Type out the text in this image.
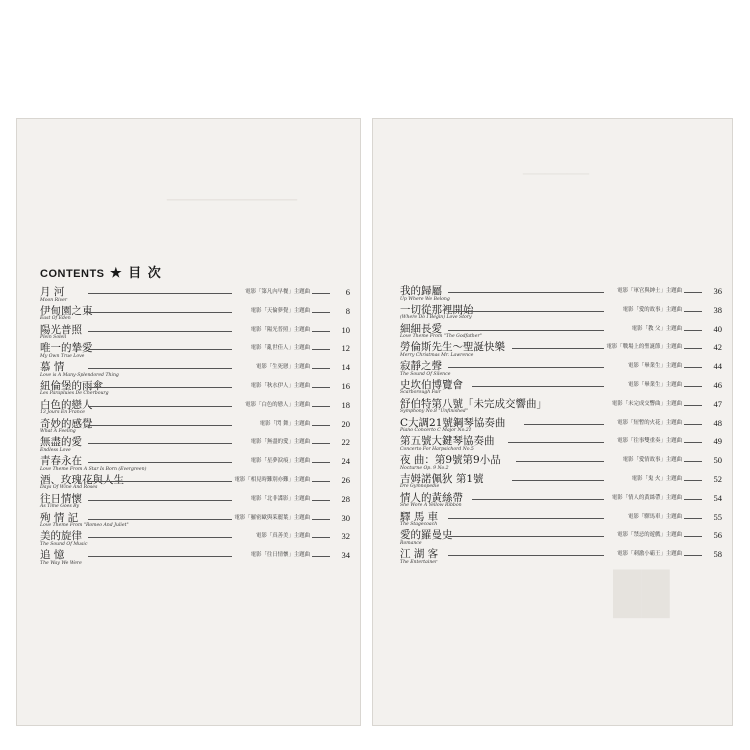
—————
———
██
CONTENTS ★ 目 次
月 河
Moon River
電影「第凡內早餐」主題曲	6
伊甸園之東
East Of Eden
電影「天倫夢覺」主題曲	8
陽光普照
Plein Soleil
電影「陽光普照」主題曲	10
唯一的摯愛
My Own True Love
電影「亂世佳人」主題曲	12
慕 情
Love is A Many-Splendored Thing
電影「生死戀」主題曲	14
紐倫堡的雨傘
Les Parapluies De Cherbourg
電影「秋水伊人」主題曲	16
白色的戀人
13 Jours En France
電影「白色的戀人」主題曲	18
奇妙的感覺
What A Feeling
電影「閃 舞」主題曲	20
無盡的愛
Endless Love
電影「無盡的愛」主題曲	22
青春永在
Love Theme From A Star Is Born (Evergreen)
電影「星夢淚痕」主題曲	24
酒、玫瑰花與人生
Days Of Wine And Roses
電影「相見時難別亦難」主題曲	26
往日情懷
As Time Goes By
電影「北非諜影」主題曲	28
殉 情 記
Love Theme From "Romeo And Juliet"
電影「羅密歐與茱麗葉」主題曲	30
美的旋律
The Sound Of Music
電影「真善美」主題曲	32
追 憶
The Way We Were
電影「往日情懷」主題曲	34
我的歸屬
Up Where We Belong
電影「軍官與紳士」主題曲	36
一切從那裡開始
(Where Do I Begin) Love Story
電影「愛的故事」主題曲	38
細細長愛
Love Theme From "The Godfather"
電影「教 父」主題曲	40
勞倫斯先生～聖誕快樂
Merry Christmas Mr. Lawrence
電影「戰場上的聖誕節」主題曲	42
寂靜之聲
The Sound Of Silence
電影「畢業生」主題曲	44
史坎伯博覽會
Scarborough Fair
電影「畢業生」主題曲	46
舒伯特第八號「未完成交響曲」
Symphony No.8 "Unfinished"
電影「未完成交響曲」主題曲	47
C大調21號鋼琴協奏曲
Piano Concerto C Major No.21
電影「短暫的火花」主題曲	48
第五號大鍵琴協奏曲
Concerto For Harpsichord No.5
電影「往事雙重奏」主題曲	49
夜 曲：第9號第9小品
Nocturne Op. 9 No.2
電影「愛情故事」主題曲	50
吉姆諾佩狄 第1號
Dre Gymnopedie
電影「鬼 火」主題曲	52
情人的黃絲帶
She Wore A Yellow Ribbon
電影「情人的黃絲帶」主題曲	54
驛 馬 車
The Stagecoach
電影「驛馬車」主題曲	55
愛的羅曼史
Romance
電影「禁忌的遊戲」主題曲	56
江 湖 客
The Entertainer
電影「刺激小霸王」主題曲	58
